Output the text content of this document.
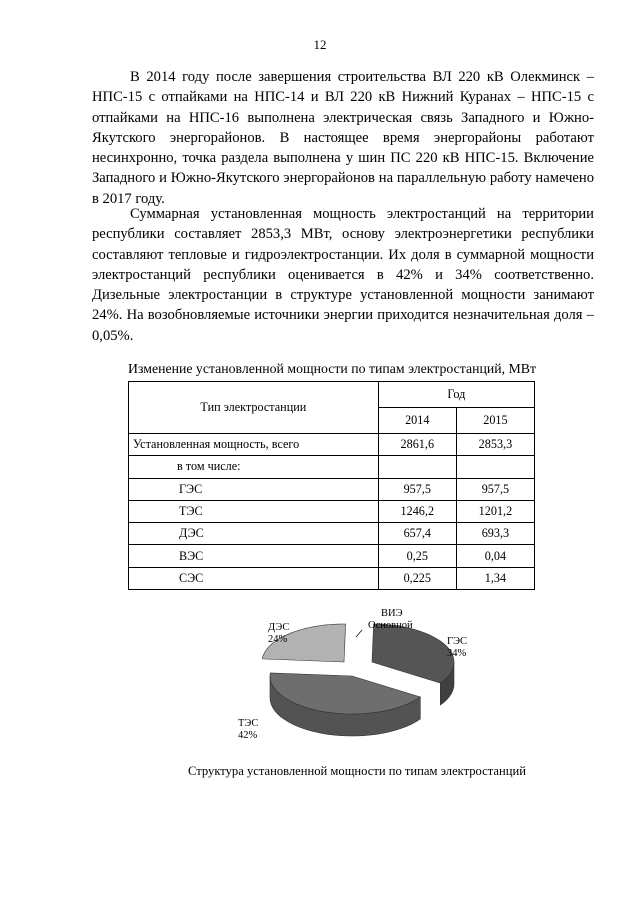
12

В 2014 году после завершения строительства ВЛ 220 кВ Олекминск – НПС-15 с отпайками на НПС-14 и ВЛ 220 кВ Нижний Куранах – НПС-15 с отпайками на НПС-16 выполнена электрическая связь Западного и Южно-Якутского энергорайонов. В настоящее время энергорайоны работают несинхронно, точка раздела выполнена у шин ПС 220 кВ НПС-15. Включение Западного и Южно-Якутского энергорайонов на параллельную работу намечено в 2017 году.

Суммарная установленная мощность электростанций на территории республики составляет 2853,3 МВт, основу электроэнергетики республики составляют тепловые и гидроэлектростанции. Их доля в суммарной мощности электростанций республики оценивается в 42% и 34% соответственно. Дизельные электростанции в структуре установленной мощности занимают 24%. На возобновляемые источники энергии приходится незначительная доля – 0,05%.

Изменение установленной мощности по типам электростанций, МВт
Тип электростанции	Год	
	2014	2015
Установленная мощность, всего	2861,6	2853,3
в том числе:		
ГЭС	957,5	957,5
ТЭС	1246,2	1201,2
ДЭС	657,4	693,3
ВЭС	0,25	0,04
СЭС	0,225	1,34
ДЭС
24%
ВИЭ
Основной
ГЭС
34%
ТЭС
42%
Структура установленной мощности по типам электростанций
